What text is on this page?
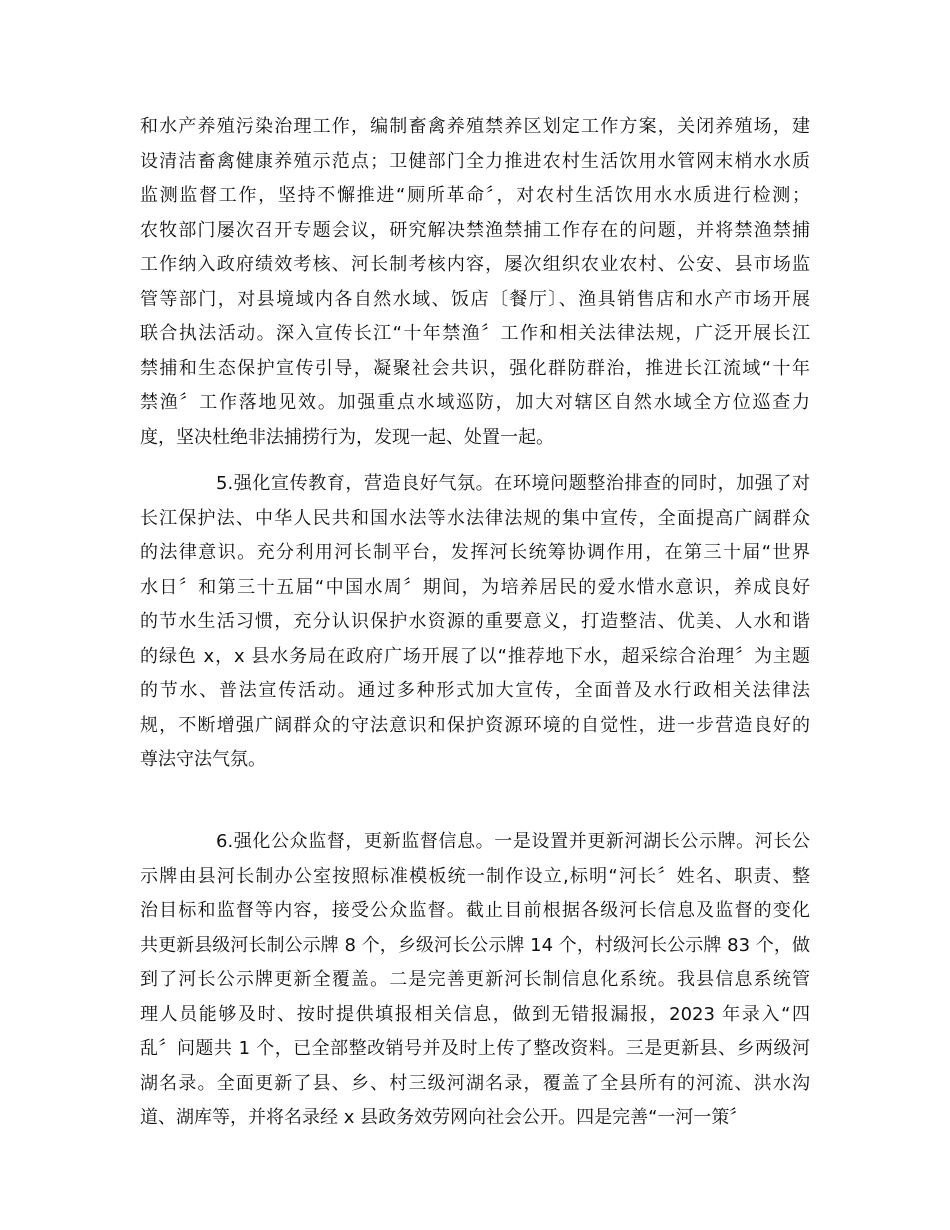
和水产养殖污染治理工作，编制畜禽养殖禁养区划定工作方案，关闭养殖场，建
设清洁畜禽健康养殖示范点；卫健部门全力推进农村生活饮用水管网末梢水水质
监测监督工作，坚持不懈推进“厕所革命〞，对农村生活饮用水水质进行检测；
农牧部门屡次召开专题会议，研究解决禁渔禁捕工作存在的问题，并将禁渔禁捕
工作纳入政府绩效考核、河长制考核内容，屡次组织农业农村、公安、县市场监
管等部门，对县境域内各自然水域、饭店〔餐厅〕、渔具销售店和水产市场开展
联合执法活动。深入宣传长江“十年禁渔〞工作和相关法律法规，广泛开展长江
禁捕和生态保护宣传引导，凝聚社会共识，强化群防群治，推进长江流域“十年
禁渔〞工作落地见效。加强重点水域巡防，加大对辖区自然水域全方位巡查力
度，坚决杜绝非法捕捞行为，发现一起、处置一起。
5.强化宣传教育，营造良好气氛。在环境问题整治排查的同时，加强了对
长江保护法、中华人民共和国水法等水法律法规的集中宣传，全面提高广阔群众
的法律意识。充分利用河长制平台，发挥河长统筹协调作用，在第三十届“世界
水日〞和第三十五届“中国水周〞期间，为培养居民的爱水惜水意识，养成良好
的节水生活习惯，充分认识保护水资源的重要意义，打造整洁、优美、人水和谐
的绿色 x，x 县水务局在政府广场开展了以“推荐地下水，超采综合治理〞为主题
的节水、普法宣传活动。通过多种形式加大宣传，全面普及水行政相关法律法
规，不断增强广阔群众的守法意识和保护资源环境的自觉性，进一步营造良好的
尊法守法气氛。
6.强化公众监督，更新监督信息。一是设置并更新河湖长公示牌。河长公
示牌由县河长制办公室按照标准模板统一制作设立,标明“河长〞姓名、职责、整
治目标和监督等内容，接受公众监督。截止目前根据各级河长信息及监督的变化
共更新县级河长制公示牌 8 个，乡级河长公示牌 14 个，村级河长公示牌 83 个，做
到了河长公示牌更新全覆盖。二是完善更新河长制信息化系统。我县信息系统管
理人员能够及时、按时提供填报相关信息，做到无错报漏报，2023 年录入“四
乱〞问题共 1 个，已全部整改销号并及时上传了整改资料。三是更新县、乡两级河
湖名录。全面更新了县、乡、村三级河湖名录，覆盖了全县所有的河流、洪水沟
道、湖库等，并将名录经 x 县政务效劳网向社会公开。四是完善“一河一策〞
